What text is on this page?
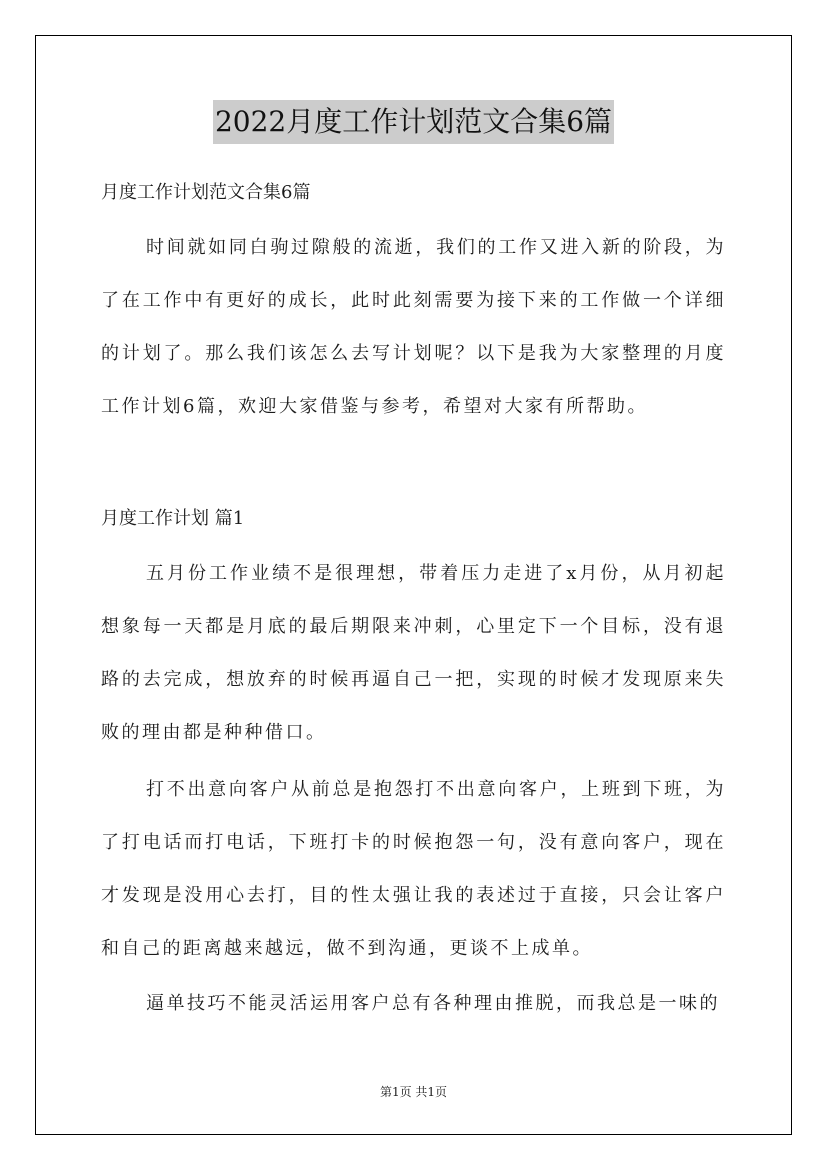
2022月度工作计划范文合集6篇
月度工作计划范文合集6篇
时间就如同白驹过隙般的流逝，我们的工作又进入新的阶段，为了在工作中有更好的成长，此时此刻需要为接下来的工作做一个详细的计划了。那么我们该怎么去写计划呢？以下是我为大家整理的月度工作计划6篇，欢迎大家借鉴与参考，希望对大家有所帮助。
月度工作计划 篇1
五月份工作业绩不是很理想，带着压力走进了x月份，从月初起想象每一天都是月底的最后期限来冲刺，心里定下一个目标，没有退路的去完成，想放弃的时候再逼自己一把，实现的时候才发现原来失败的理由都是种种借口。
打不出意向客户从前总是抱怨打不出意向客户，上班到下班，为了打电话而打电话，下班打卡的时候抱怨一句，没有意向客户，现在才发现是没用心去打，目的性太强让我的表述过于直接，只会让客户和自己的距离越来越远，做不到沟通，更谈不上成单。
逼单技巧不能灵活运用客户总有各种理由推脱，而我总是一味的
第1页 共1页
